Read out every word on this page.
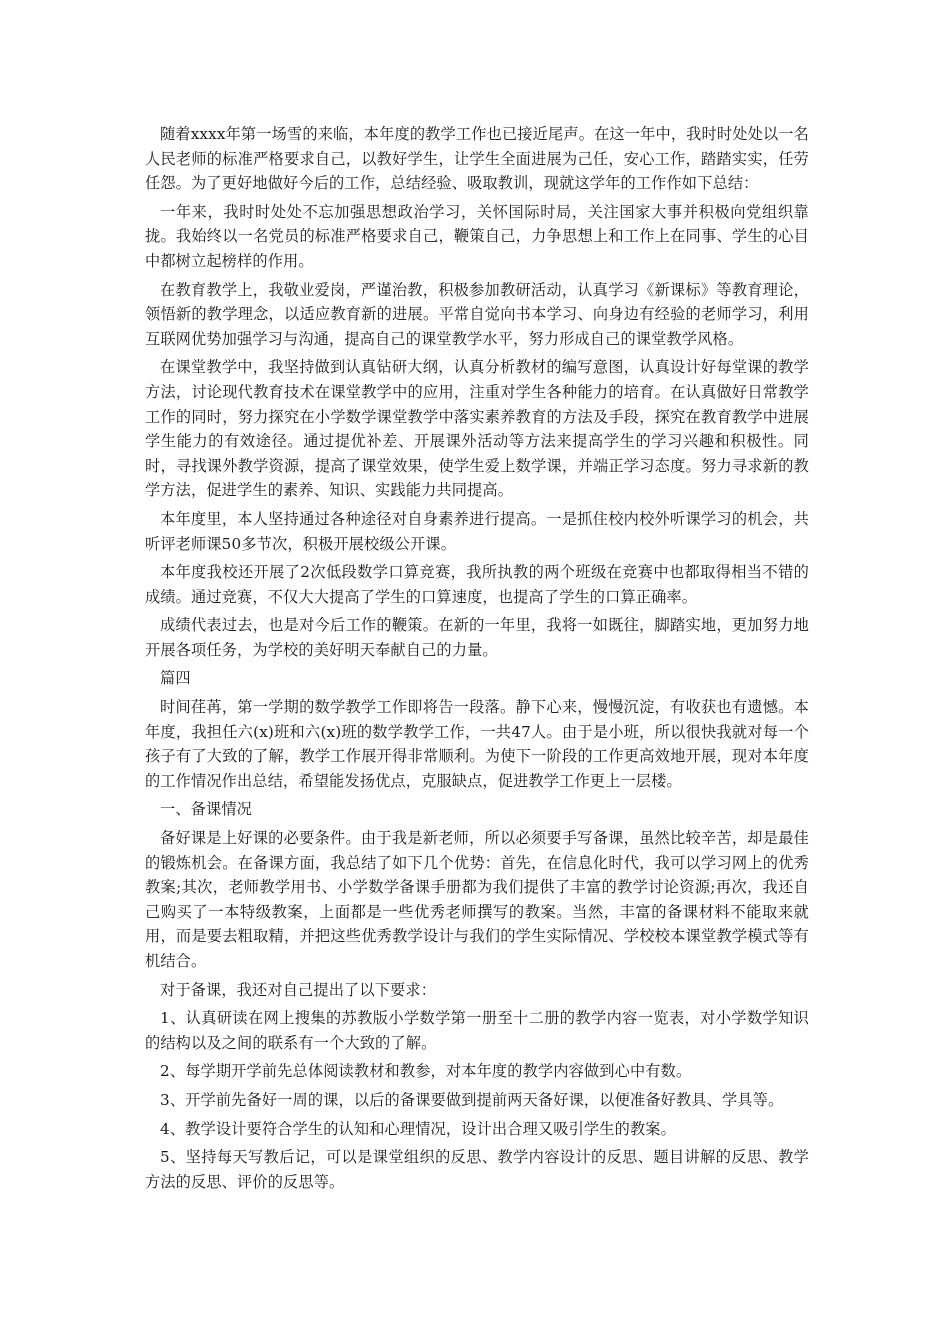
随着xxxx年第一场雪的来临，本年度的教学工作也已接近尾声。在这一年中，我时时处处以一名人民老师的标准严格要求自己，以教好学生，让学生全面进展为己任，安心工作，踏踏实实，任劳任怨。为了更好地做好今后的工作，总结经验、吸取教训，现就这学年的工作作如下总结：

一年来，我时时处处不忘加强思想政治学习，关怀国际时局，关注国家大事并积极向党组织靠拢。我始终以一名党员的标准严格要求自己，鞭策自己，力争思想上和工作上在同事、学生的心目中都树立起榜样的作用。

在教育教学上，我敬业爱岗，严谨治教，积极参加教研活动，认真学习《新课标》等教育理论，领悟新的教学理念，以适应教育新的进展。平常自觉向书本学习、向身边有经验的老师学习，利用互联网优势加强学习与沟通，提高自己的课堂教学水平，努力形成自己的课堂教学风格。

在课堂教学中，我坚持做到认真钻研大纲，认真分析教材的编写意图，认真设计好每堂课的教学方法，讨论现代教育技术在课堂教学中的应用，注重对学生各种能力的培育。在认真做好日常教学工作的同时，努力探究在小学数学课堂教学中落实素养教育的方法及手段，探究在教育教学中进展学生能力的有效途径。通过提优补差、开展课外活动等方法来提高学生的学习兴趣和积极性。同时，寻找课外教学资源，提高了课堂效果，使学生爱上数学课，并端正学习态度。努力寻求新的教学方法，促进学生的素养、知识、实践能力共同提高。

本年度里，本人坚持通过各种途径对自身素养进行提高。一是抓住校内校外听课学习的机会，共听评老师课50多节次，积极开展校级公开课。

本年度我校还开展了2次低段数学口算竞赛，我所执教的两个班级在竞赛中也都取得相当不错的成绩。通过竞赛，不仅大大提高了学生的口算速度，也提高了学生的口算正确率。

成绩代表过去，也是对今后工作的鞭策。在新的一年里，我将一如既往，脚踏实地，更加努力地开展各项任务，为学校的美好明天奉献自己的力量。

篇四

时间荏苒，第一学期的数学教学工作即将告一段落。静下心来，慢慢沉淀，有收获也有遗憾。本年度，我担任六(x)班和六(x)班的数学教学工作，一共47人。由于是小班，所以很快我就对每一个孩子有了大致的了解，教学工作展开得非常顺利。为使下一阶段的工作更高效地开展，现对本年度的工作情况作出总结，希望能发扬优点，克服缺点，促进教学工作更上一层楼。

一、备课情况

备好课是上好课的必要条件。由于我是新老师，所以必须要手写备课，虽然比较辛苦，却是最佳的锻炼机会。在备课方面，我总结了如下几个优势：首先，在信息化时代，我可以学习网上的优秀教案;其次，老师教学用书、小学数学备课手册都为我们提供了丰富的教学讨论资源;再次，我还自己购买了一本特级教案，上面都是一些优秀老师撰写的教案。当然，丰富的备课材料不能取来就用，而是要去粗取精，并把这些优秀教学设计与我们的学生实际情况、学校校本课堂教学模式等有机结合。

对于备课，我还对自己提出了以下要求：

1、认真研读在网上搜集的苏教版小学数学第一册至十二册的教学内容一览表，对小学数学知识的结构以及之间的联系有一个大致的了解。

2、每学期开学前先总体阅读教材和教参，对本年度的教学内容做到心中有数。

3、开学前先备好一周的课，以后的备课要做到提前两天备好课，以便准备好教具、学具等。

4、教学设计要符合学生的认知和心理情况，设计出合理又吸引学生的教案。

5、坚持每天写教后记，可以是课堂组织的反思、教学内容设计的反思、题目讲解的反思、教学方法的反思、评价的反思等。
